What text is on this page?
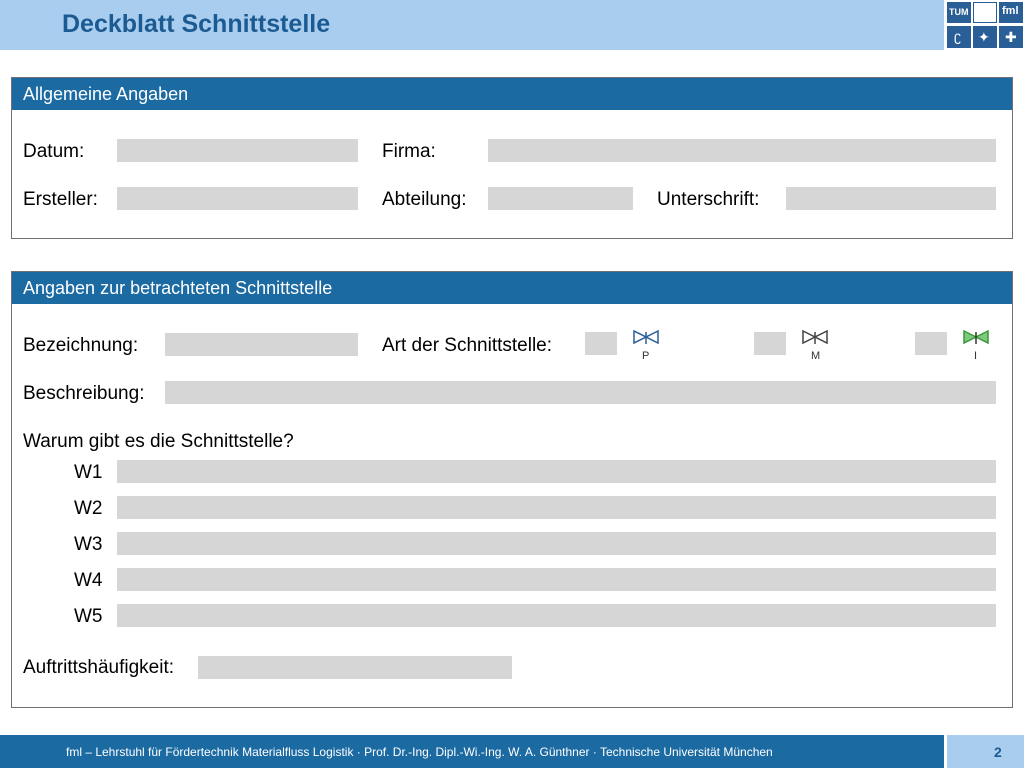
Deckblatt Schnittstelle	TUM	fml
ʗ ✦ ✚
Allgemeine Angaben
Datum:	Firma:
Ersteller:	Abteilung:	Unterschrift:
Angaben zur betrachteten Schnittstelle
Bezeichnung:	Art der Schnittstelle:	P	M	I
Beschreibung:
Warum gibt es die Schnittstelle?
W1
W2
W3
W4
W5
Auftrittshäufigkeit:
fml – Lehrstuhl für Fördertechnik Materialfluss Logistik · Prof. Dr.-Ing. Dipl.-Wi.-Ing. W. A. Günthner · Technische Universität München	2
